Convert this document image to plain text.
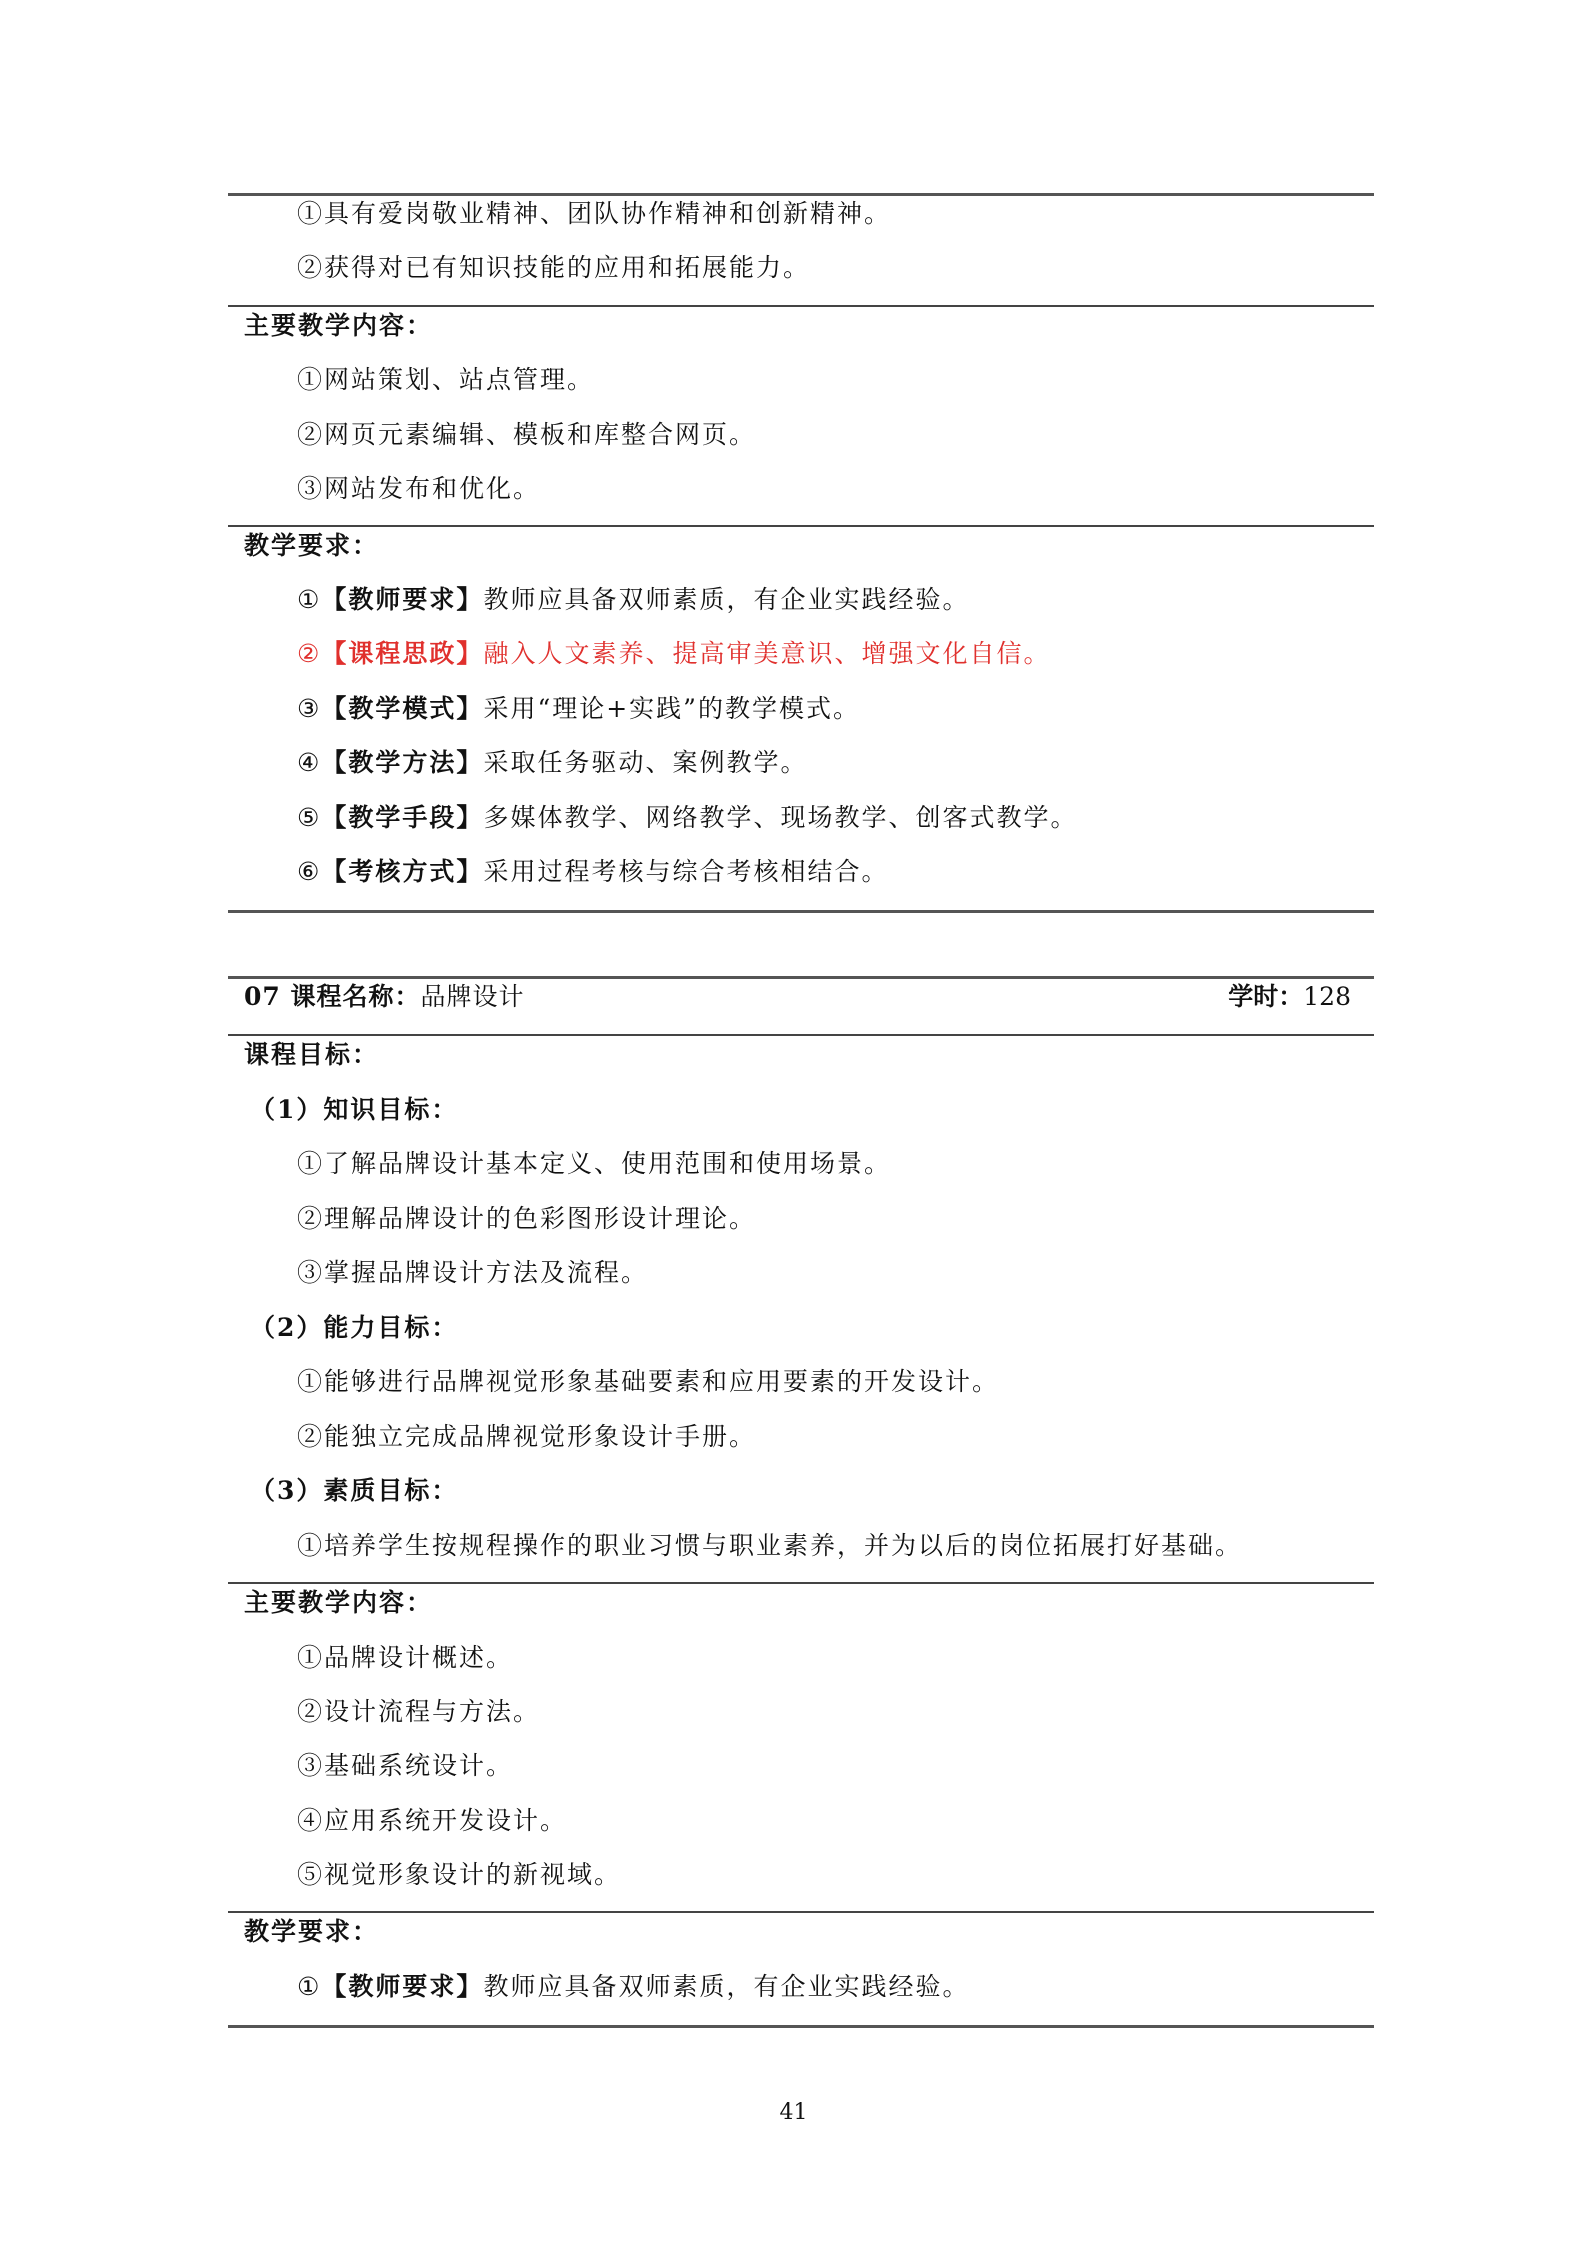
①具有爱岗敬业精神、团队协作精神和创新精神。
②获得对已有知识技能的应用和拓展能力。
主要教学内容：
①网站策划、站点管理。
②网页元素编辑、模板和库整合网页。
③网站发布和优化。
教学要求：
①【教师要求】教师应具备双师素质，有企业实践经验。
②【课程思政】融入人文素养、提高审美意识、增强文化自信。
③【教学模式】采用“理论+实践”的教学模式。
④【教学方法】采取任务驱动、案例教学。
⑤【教学手段】多媒体教学、网络教学、现场教学、创客式教学。
⑥【考核方式】采用过程考核与综合考核相结合。
07 课程名称：品牌设计	学时：128
课程目标：
（1）知识目标：
①了解品牌设计基本定义、使用范围和使用场景。
②理解品牌设计的色彩图形设计理论。
③掌握品牌设计方法及流程。
（2）能力目标：
①能够进行品牌视觉形象基础要素和应用要素的开发设计。
②能独立完成品牌视觉形象设计手册。
（3）素质目标：
①培养学生按规程操作的职业习惯与职业素养，并为以后的岗位拓展打好基础。
主要教学内容：
①品牌设计概述。
②设计流程与方法。
③基础系统设计。
④应用系统开发设计。
⑤视觉形象设计的新视域。
教学要求：
①【教师要求】教师应具备双师素质，有企业实践经验。
41
